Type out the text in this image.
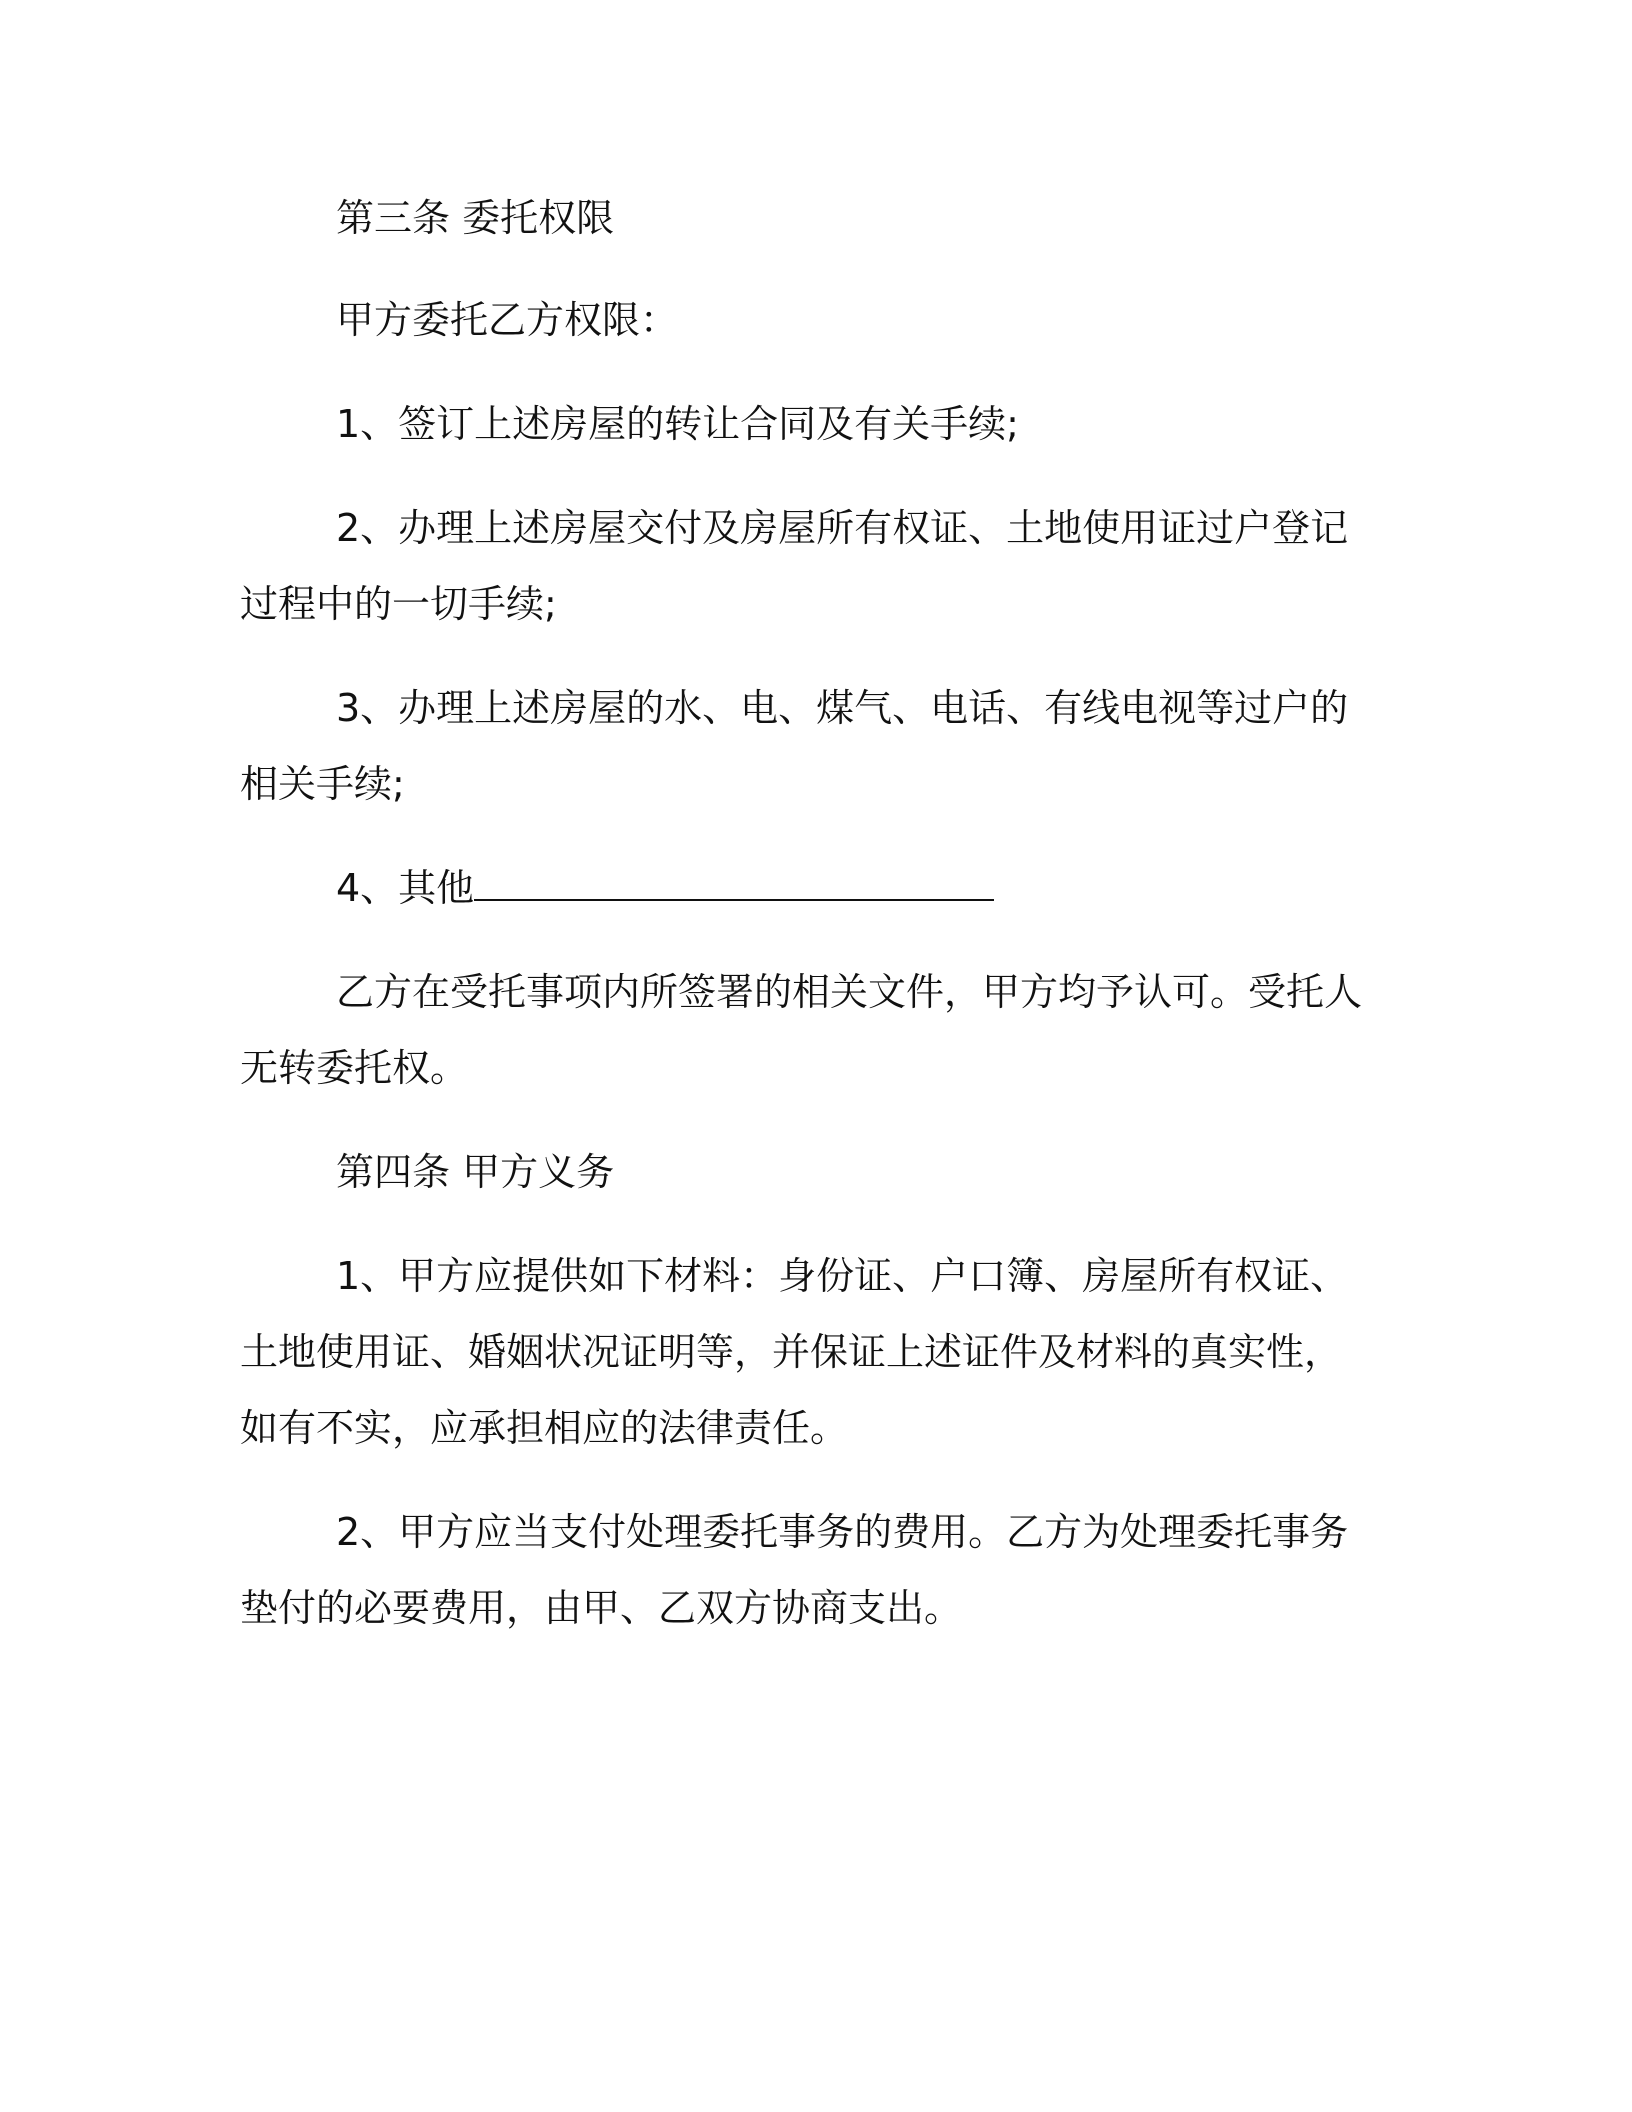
第三条 委托权限

甲方委托乙方权限：

1、签订上述房屋的转让合同及有关手续;

2、办理上述房屋交付及房屋所有权证、土地使用证过户登记过程中的一切手续;

3、办理上述房屋的水、电、煤气、电话、有线电视等过户的相关手续;

4、其他

乙方在受托事项内所签署的相关文件，甲方均予认可。受托人无转委托权。

第四条 甲方义务

1、甲方应提供如下材料：身份证、户口簿、房屋所有权证、土地使用证、婚姻状况证明等，并保证上述证件及材料的真实性，如有不实，应承担相应的法律责任。

2、甲方应当支付处理委托事务的费用。乙方为处理委托事务垫付的必要费用，由甲、乙双方协商支出。
